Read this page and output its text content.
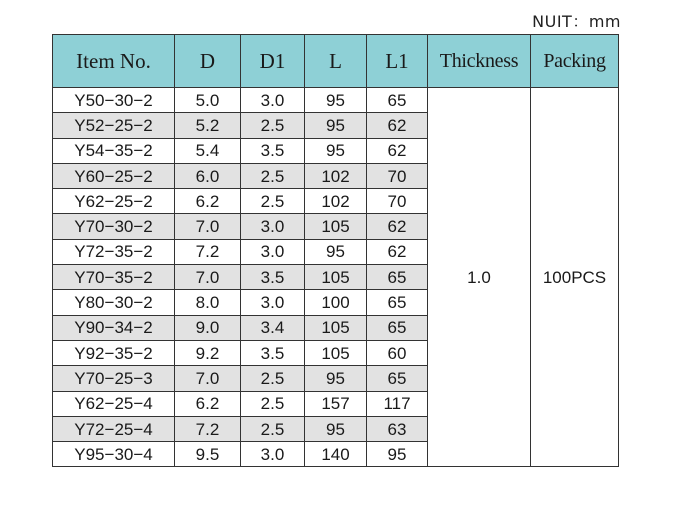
NUIT：mm
Item No.	D	D1	L	L1	Thickness	Packing
Y50−30−2	5.0	3.0	95	65	1.0	100PCS
Y52−25−2	5.2	2.5	95	62		
Y54−35−2	5.4	3.5	95	62		
Y60−25−2	6.0	2.5	102	70		
Y62−25−2	6.2	2.5	102	70		
Y70−30−2	7.0	3.0	105	62		
Y72−35−2	7.2	3.0	95	62		
Y70−35−2	7.0	3.5	105	65		
Y80−30−2	8.0	3.0	100	65		
Y90−34−2	9.0	3.4	105	65		
Y92−35−2	9.2	3.5	105	60		
Y70−25−3	7.0	2.5	95	65		
Y62−25−4	6.2	2.5	157	117		
Y72−25−4	7.2	2.5	95	63		
Y95−30−4	9.5	3.0	140	95		
